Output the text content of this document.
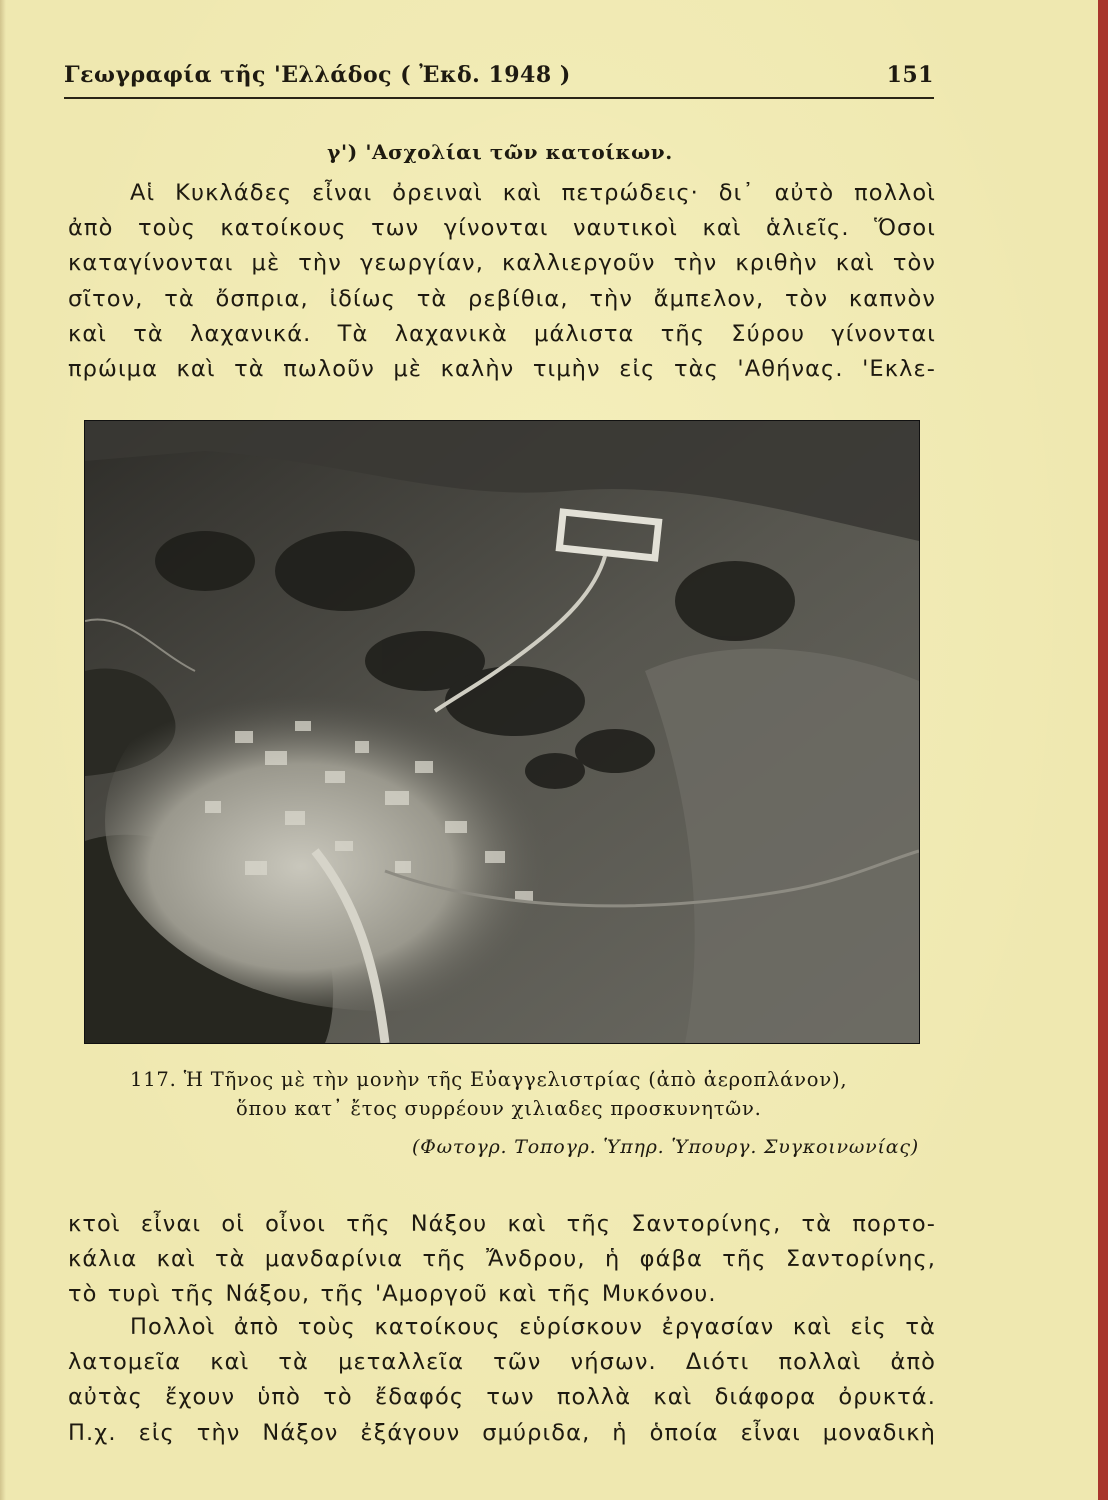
Γεωγραφία τῆς 'Ελλάδος ( Ἐκδ. 1948 )	151
γ') 'Ασχολίαι τῶν κατοίκων.
Αἱ Κυκλάδες εἶναι ὀρειναὶ καὶ πετρώδεις· δι᾽ αὐτὸ πολλοὶ
ἀπὸ τοὺς κατοίκους των γίνονται ναυτικοὶ καὶ ἁλιεῖς. Ὅσοι
καταγίνονται μὲ τὴν γεωργίαν, καλλιεργοῦν τὴν κριθὴν καὶ τὸν
σῖτον, τὰ ὄσπρια, ἰδίως τὰ ρεβίθια, τὴν ἄμπελον, τὸν καπνὸν
καὶ τὰ λαχανικά. Τὰ λαχανικὰ μάλιστα τῆς Σύρου γίνονται
πρώιμα καὶ τὰ πωλοῦν μὲ καλὴν τιμὴν εἰς τὰς 'Αθήνας. 'Εκλε-
117. Ἡ Τῆνος μὲ τὴν μονὴν τῆς Εὐαγγελιστρίας (ἀπὸ ἀεροπλάνον),
ὅπου κατ᾽ ἔτος συρρέουν χιλιαδες προσκυνητῶν.
(Φωτογρ. Τοπογρ. Ὑπηρ. Ὑπουργ. Συγκοινωνίας)
κτοὶ εἶναι οἱ οἶνοι τῆς Νάξου καὶ τῆς Σαντορίνης, τὰ πορτο-
κάλια καὶ τὰ μανδαρίνια τῆς Ἄνδρου, ἡ φάβα τῆς Σαντορίνης,
τὸ τυρὶ τῆς Νάξου, τῆς 'Αμοργοῦ καὶ τῆς Μυκόνου.
Πολλοὶ ἀπὸ τοὺς κατοίκους εὑρίσκουν ἐργασίαν καὶ εἰς τὰ
λατομεῖα καὶ τὰ μεταλλεῖα τῶν νήσων. Διότι πολλαὶ ἀπὸ
αὐτὰς ἔχουν ὑπὸ τὸ ἔδαφός των πολλὰ καὶ διάφορα ὀρυκτά.
Π.χ. εἰς τὴν Νάξον ἐξάγουν σμύριδα, ἡ ὁποία εἶναι μοναδικὴ
